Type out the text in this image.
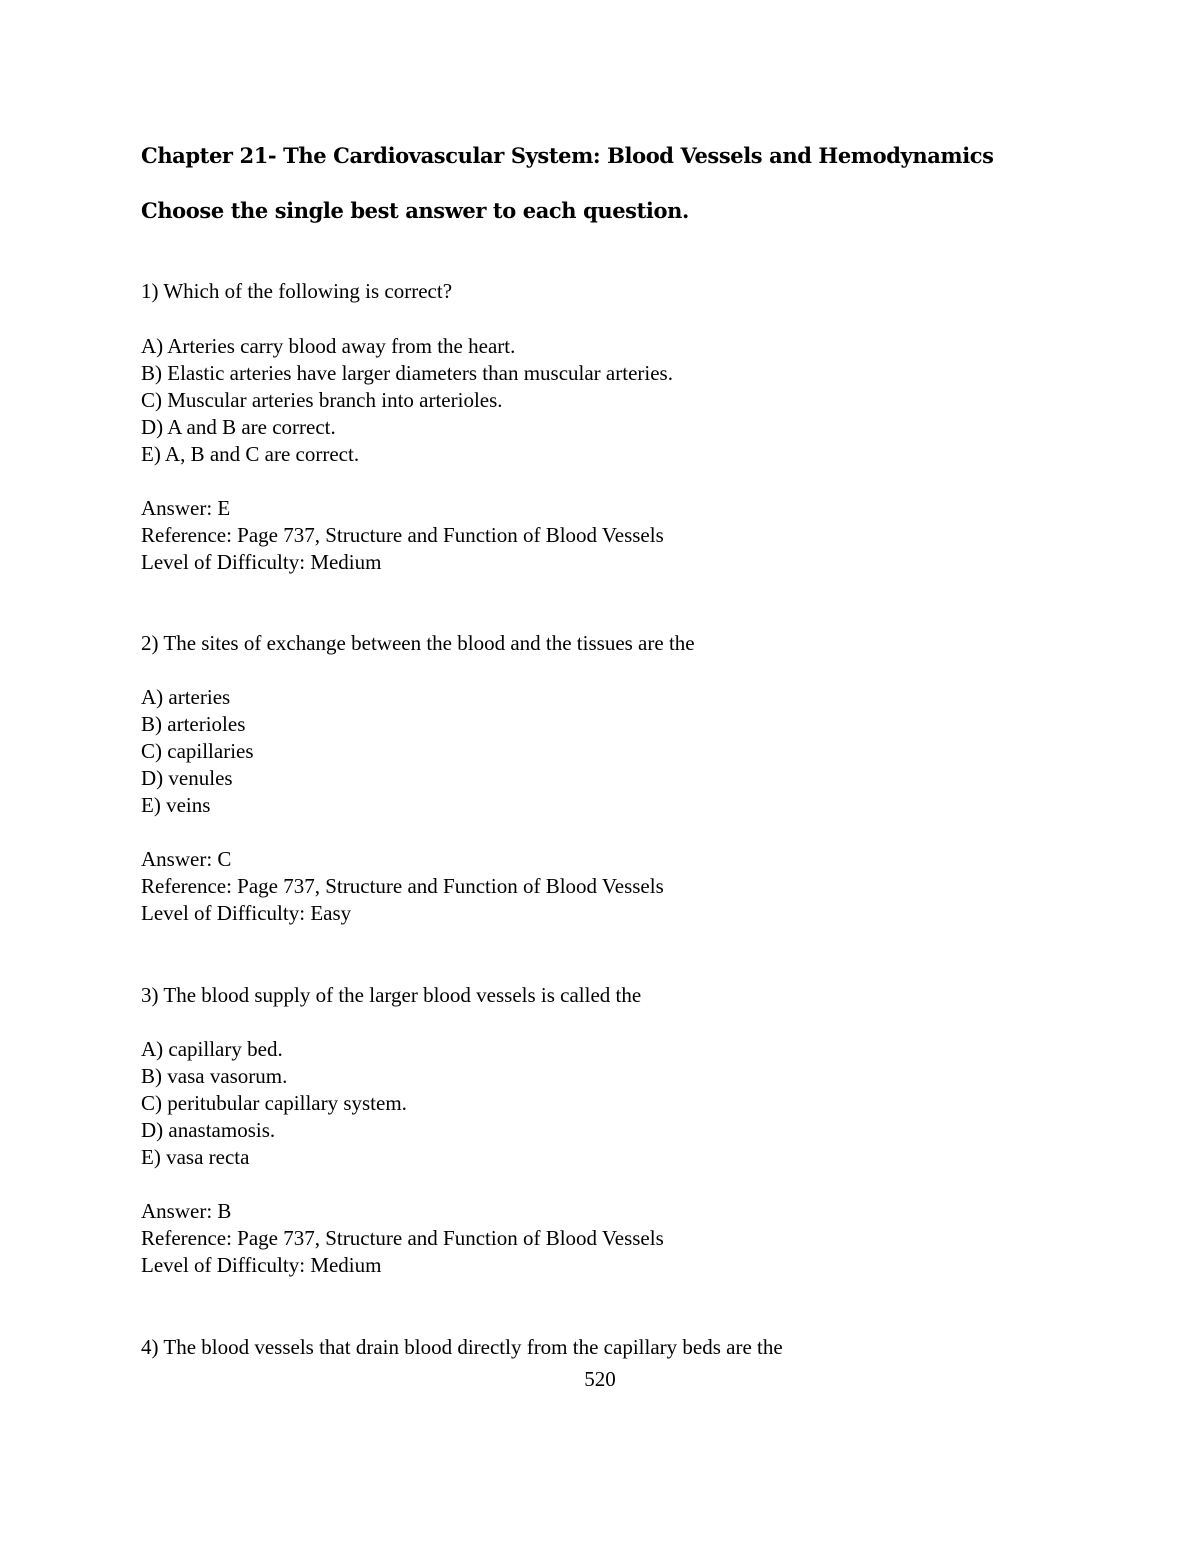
Chapter 21- The Cardiovascular System: Blood Vessels and Hemodynamics
Choose the single best answer to each question.
1) Which of the following is correct?
A) Arteries carry blood away from the heart.
B) Elastic arteries have larger diameters than muscular arteries.
C) Muscular arteries branch into arterioles.
D) A and B are correct.
E) A, B and C are correct.
Answer: E
Reference: Page 737, Structure and Function of Blood Vessels
Level of Difficulty: Medium
2) The sites of exchange between the blood and the tissues are the
A) arteries
B) arterioles
C) capillaries
D) venules
E) veins
Answer: C
Reference: Page 737, Structure and Function of Blood Vessels
Level of Difficulty: Easy
3) The blood supply of the larger blood vessels is called the
A) capillary bed.
B) vasa vasorum.
C) peritubular capillary system.
D) anastamosis.
E) vasa recta
Answer: B
Reference: Page 737, Structure and Function of Blood Vessels
Level of Difficulty: Medium
4) The blood vessels that drain blood directly from the capillary beds are the
520
